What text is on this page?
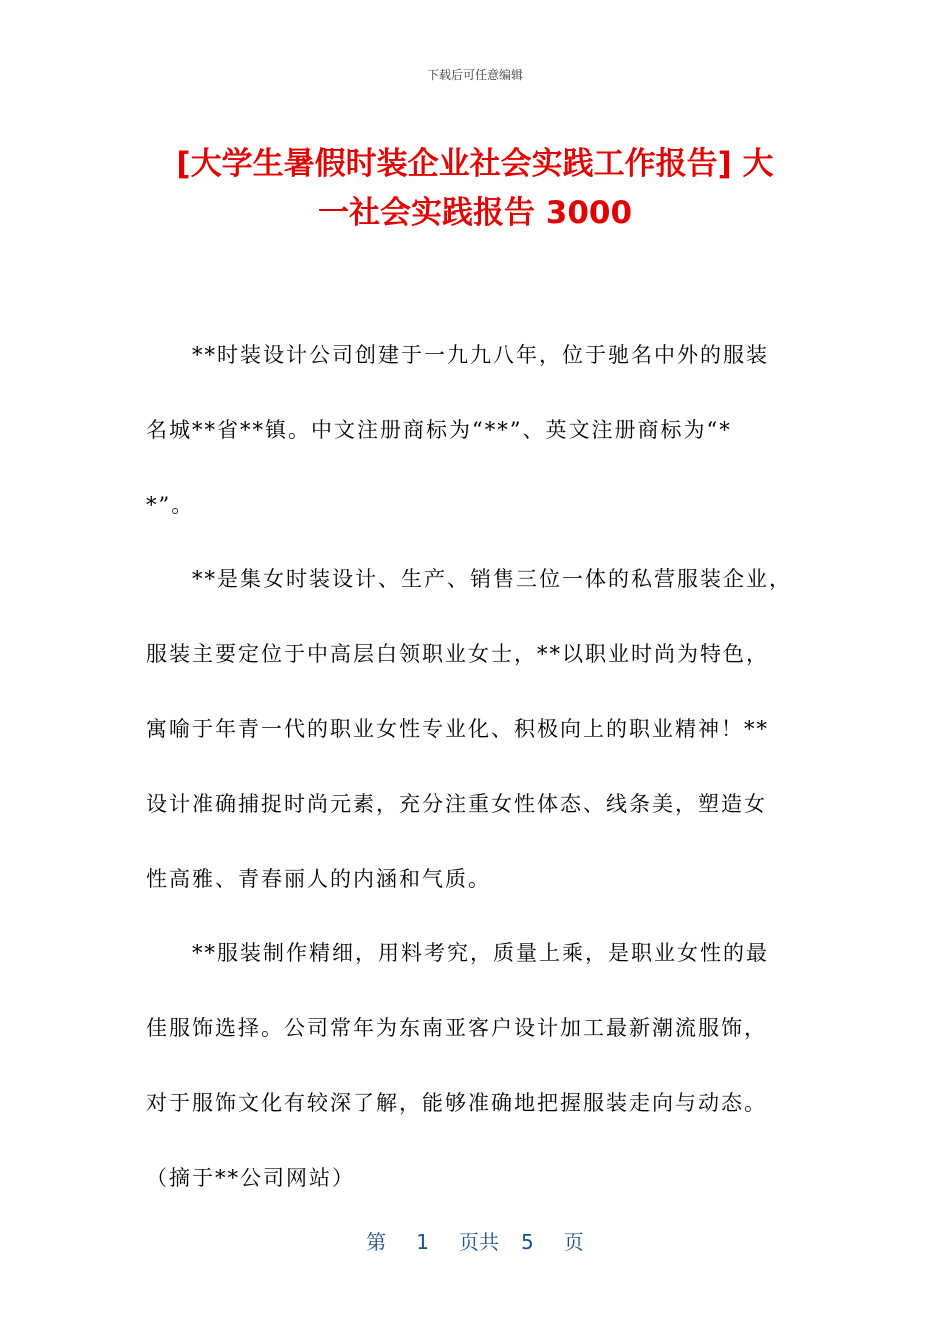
下载后可任意编辑
[大学生暑假时装企业社会实践工作报告] 大
一社会实践报告 3000
**时装设计公司创建于一九九八年，位于驰名中外的服装
名城**省**镇。中文注册商标为“**”、英文注册商标为“*
*”。
**是集女时装设计、生产、销售三位一体的私营服装企业，
服装主要定位于中高层白领职业女士，**以职业时尚为特色，
寓喻于年青一代的职业女性专业化、积极向上的职业精神！**
设计准确捕捉时尚元素，充分注重女性体态、线条美，塑造女
性高雅、青春丽人的内涵和气质。
**服装制作精细，用料考究，质量上乘，是职业女性的最
佳服饰选择。公司常年为东南亚客户设计加工最新潮流服饰，
对于服饰文化有较深了解，能够准确地把握服装走向与动态。
（摘于**公司网站）
第 1 页共 5 页
